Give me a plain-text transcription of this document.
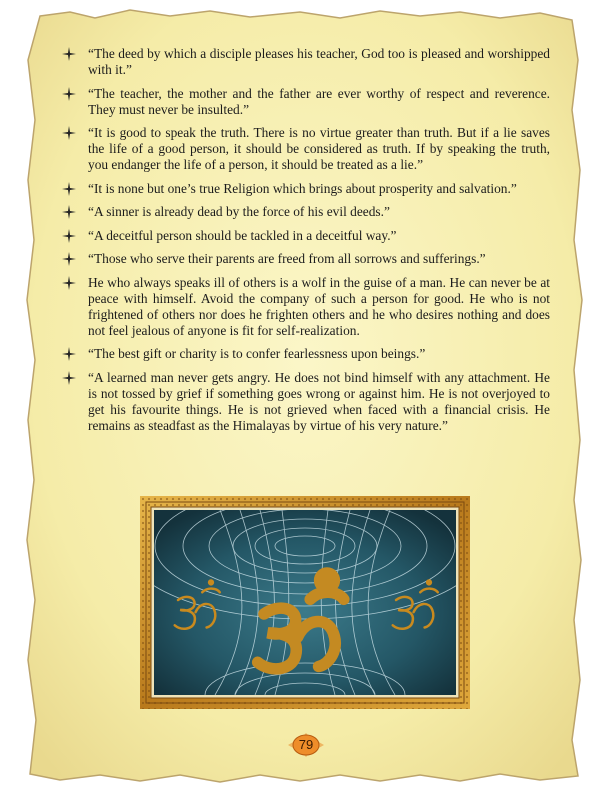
“The deed by which a disciple pleases his teacher, God too is pleased and worshipped with it.”
“The teacher, the mother and the father are ever worthy of respect and reverence. They must never be insulted.”
“It is good to speak the truth. There is no virtue greater than truth. But if a lie saves the life of a good person, it should be considered as truth. If by speaking the truth, you endanger the life of a person, it should be treated as a lie.”
“It is none but one’s true Religion which brings about prosperity and salvation.”
“A sinner is already dead by the force of his evil deeds.”
“A deceitful person should be tackled in a deceitful way.”
“Those who serve their parents are freed from all sorrows and sufferings.”
He who always speaks ill of others is a wolf in the guise of a man. He can never be at peace with himself. Avoid the company of such a person for good. He who is not frightened of others nor does he frighten others and he who desires nothing and does not feel jealous of anyone is fit for self-realization.
“The best gift or charity is to confer fearlessness upon beings.”
“A learned man never gets angry. He does not bind himself with any attachment. He is not tossed by grief if something goes wrong or against him. He is not overjoyed to get his favourite things. He is not grieved when faced with a financial crisis. He remains as steadfast as the Himalayas by virtue of his very nature.”
79
